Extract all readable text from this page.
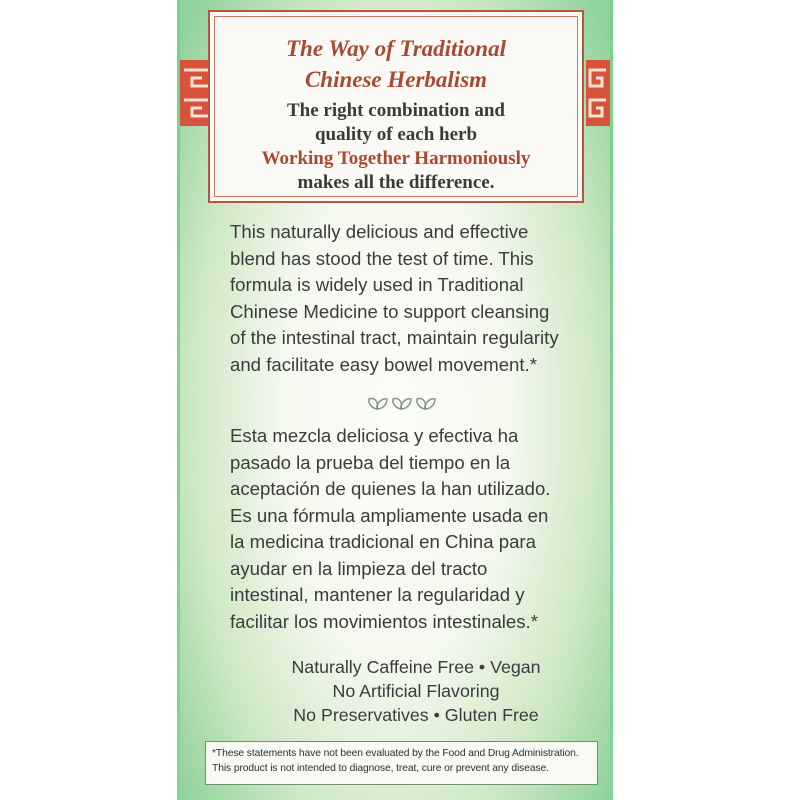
The Way of Traditional
Chinese Herbalism
The right combination and
quality of each herb
Working Together Harmoniously
makes all the difference.
This naturally delicious and effective
blend has stood the test of time. This
formula is widely used in Traditional
Chinese Medicine to support cleansing
of the intestinal tract, maintain regularity
and facilitate easy bowel movement.*
Esta mezcla deliciosa y efectiva ha
pasado la prueba del tiempo en la
aceptación de quienes la han utilizado.
Es una fórmula ampliamente usada en
la medicina tradicional en China para
ayudar en la limpieza del tracto
intestinal, mantener la regularidad y
facilitar los movimientos intestinales.*
Naturally Caffeine Free • Vegan
No Artificial Flavoring
No Preservatives • Gluten Free
*These statements have not been evaluated by the Food and Drug Administration.
This product is not intended to diagnose, treat, cure or prevent any disease.
